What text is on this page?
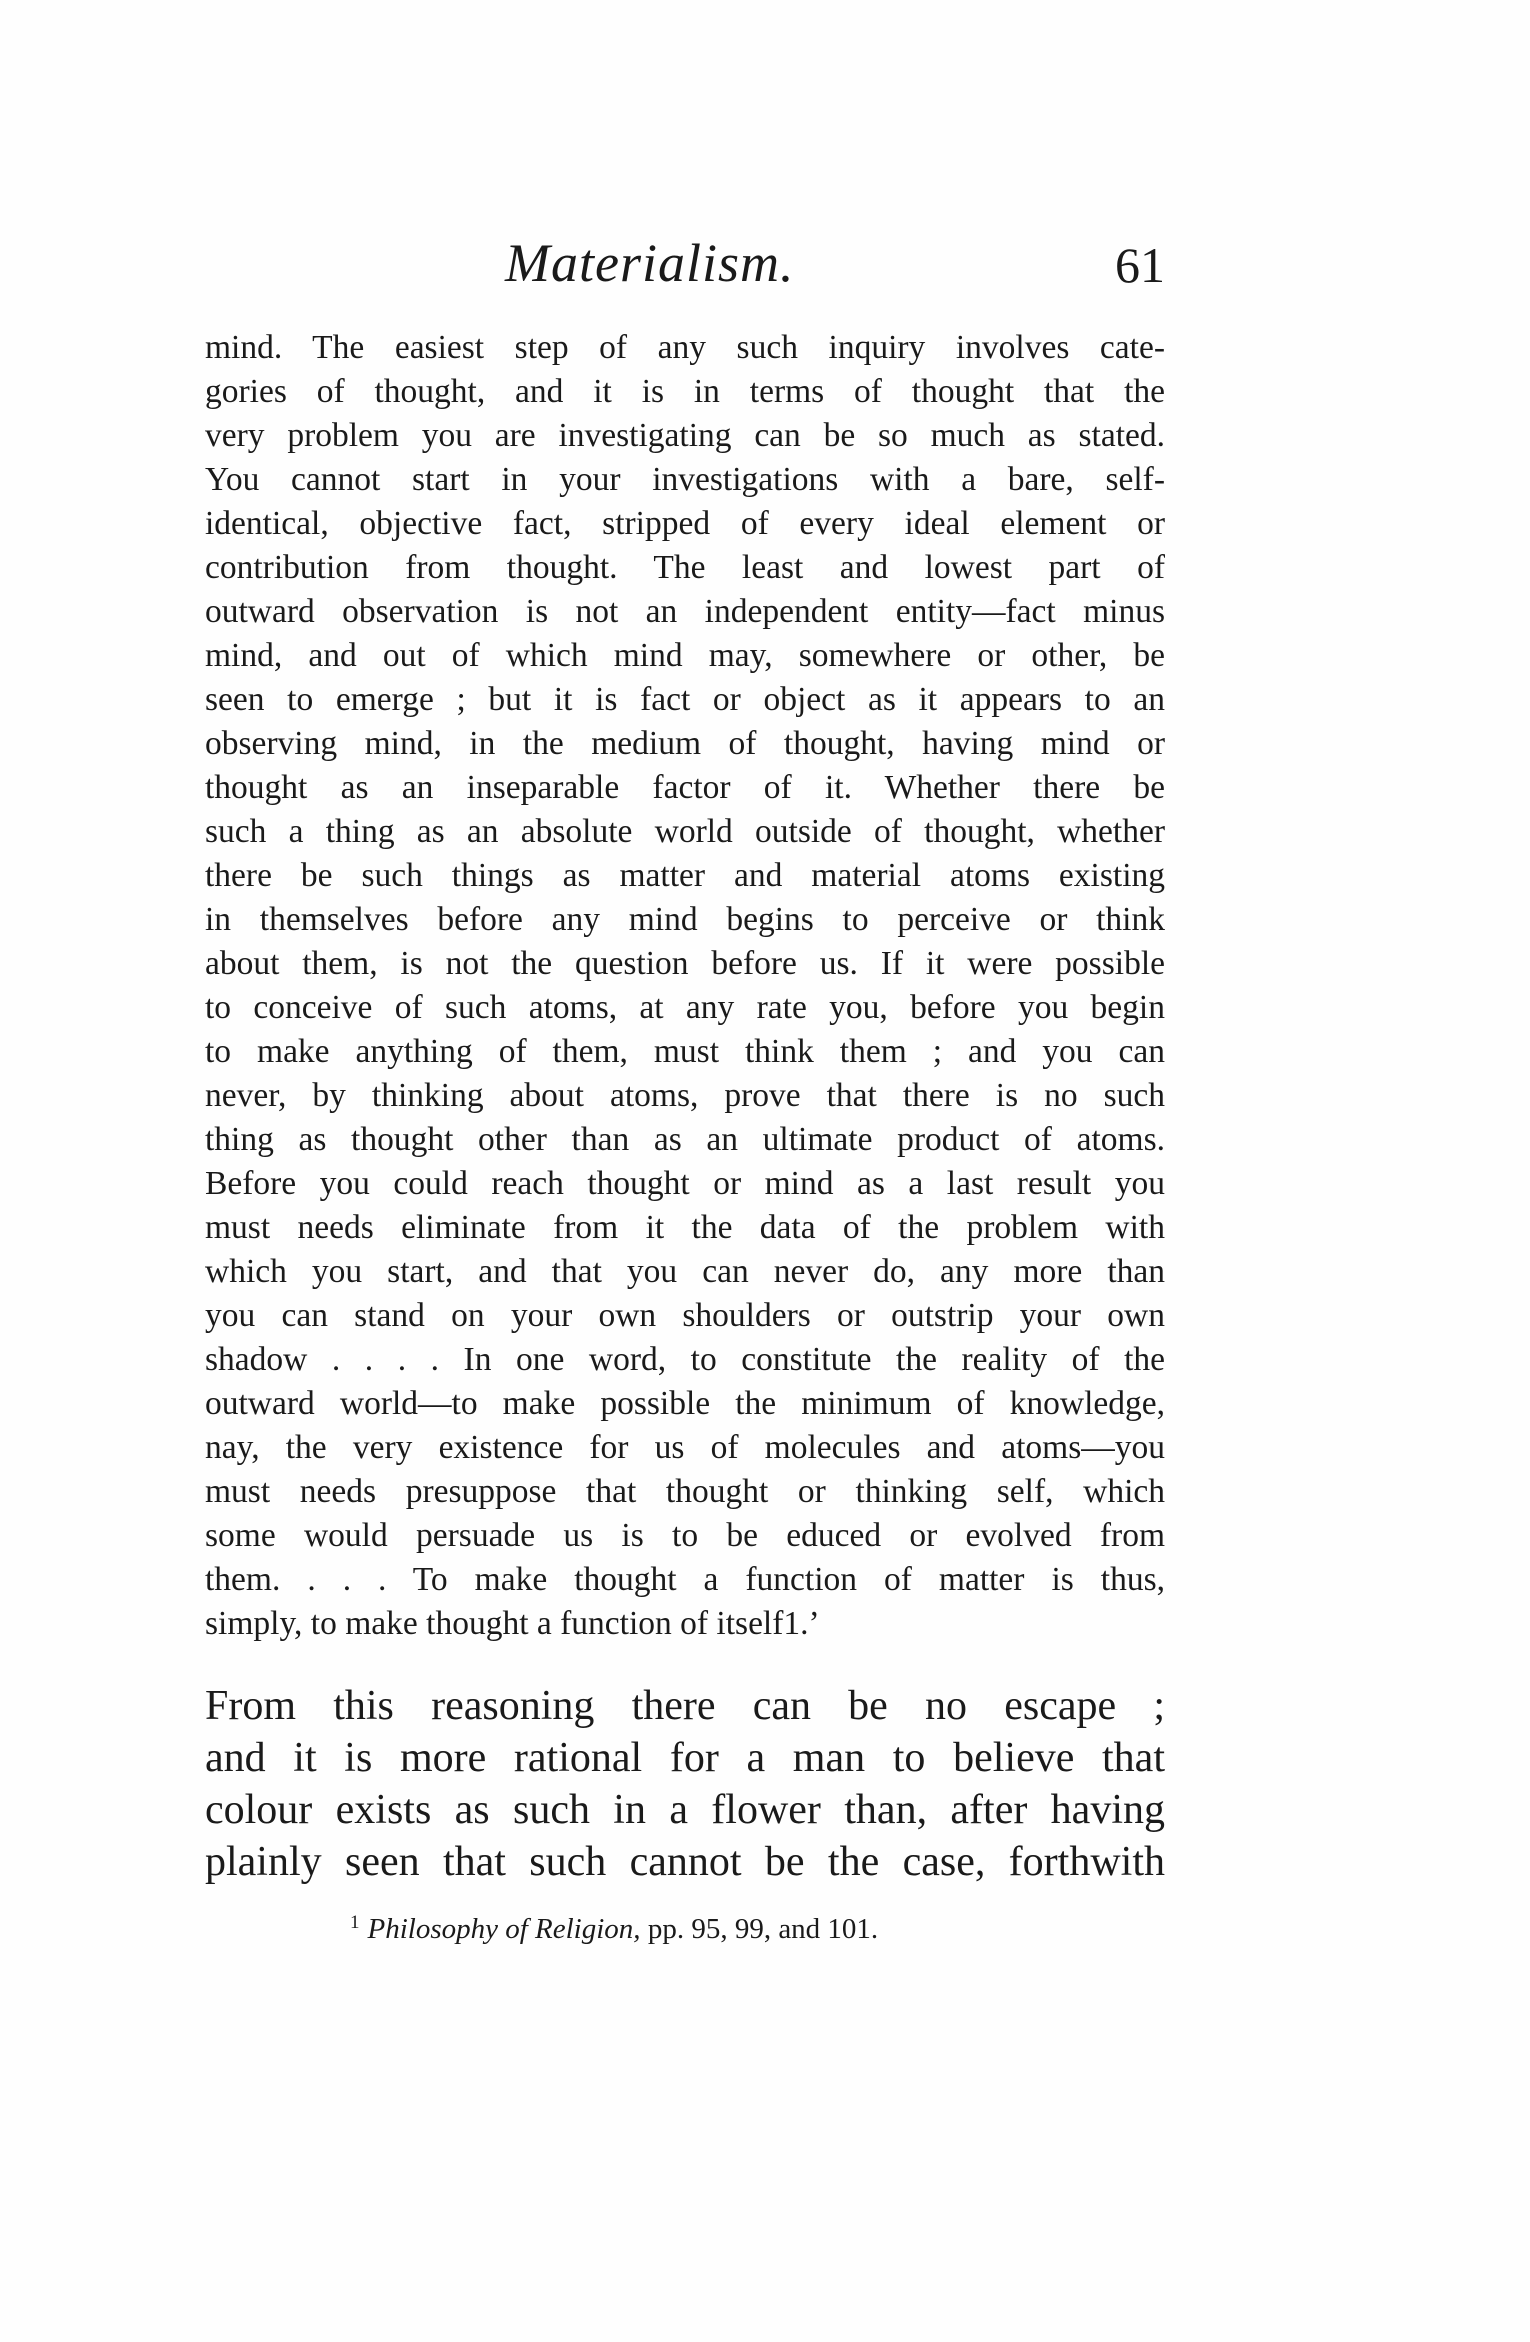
Materialism.	61
mind. The easiest step of any such inquiry involves cate-
gories of thought, and it is in terms of thought that the
very problem you are investigating can be so much as stated.
You cannot start in your investigations with a bare, self-
identical, objective fact, stripped of every ideal element or
contribution from thought. The least and lowest part of
outward observation is not an independent entity—fact minus
mind, and out of which mind may, somewhere or other, be
seen to emerge ; but it is fact or object as it appears to an
observing mind, in the medium of thought, having mind or
thought as an inseparable factor of it. Whether there be
such a thing as an absolute world outside of thought, whether
there be such things as matter and material atoms existing
in themselves before any mind begins to perceive or think
about them, is not the question before us. If it were possible
to conceive of such atoms, at any rate you, before you begin
to make anything of them, must think them ; and you can
never, by thinking about atoms, prove that there is no such
thing as thought other than as an ultimate product of atoms.
Before you could reach thought or mind as a last result you
must needs eliminate from it the data of the problem with
which you start, and that you can never do, any more than
you can stand on your own shoulders or outstrip your own
shadow . . . . In one word, to constitute the reality of the
outward world—to make possible the minimum of knowledge,
nay, the very existence for us of molecules and atoms—you
must needs presuppose that thought or thinking self, which
some would persuade us is to be educed or evolved from
them. . . . To make thought a function of matter is thus,
simply, to make thought a function of itself1.’
From this reasoning there can be no escape ;
and it is more rational for a man to believe that
colour exists as such in a flower than, after having
plainly seen that such cannot be the case, forthwith
$^1$ Philosophy of Religion, pp. 95, 99, and 101.
